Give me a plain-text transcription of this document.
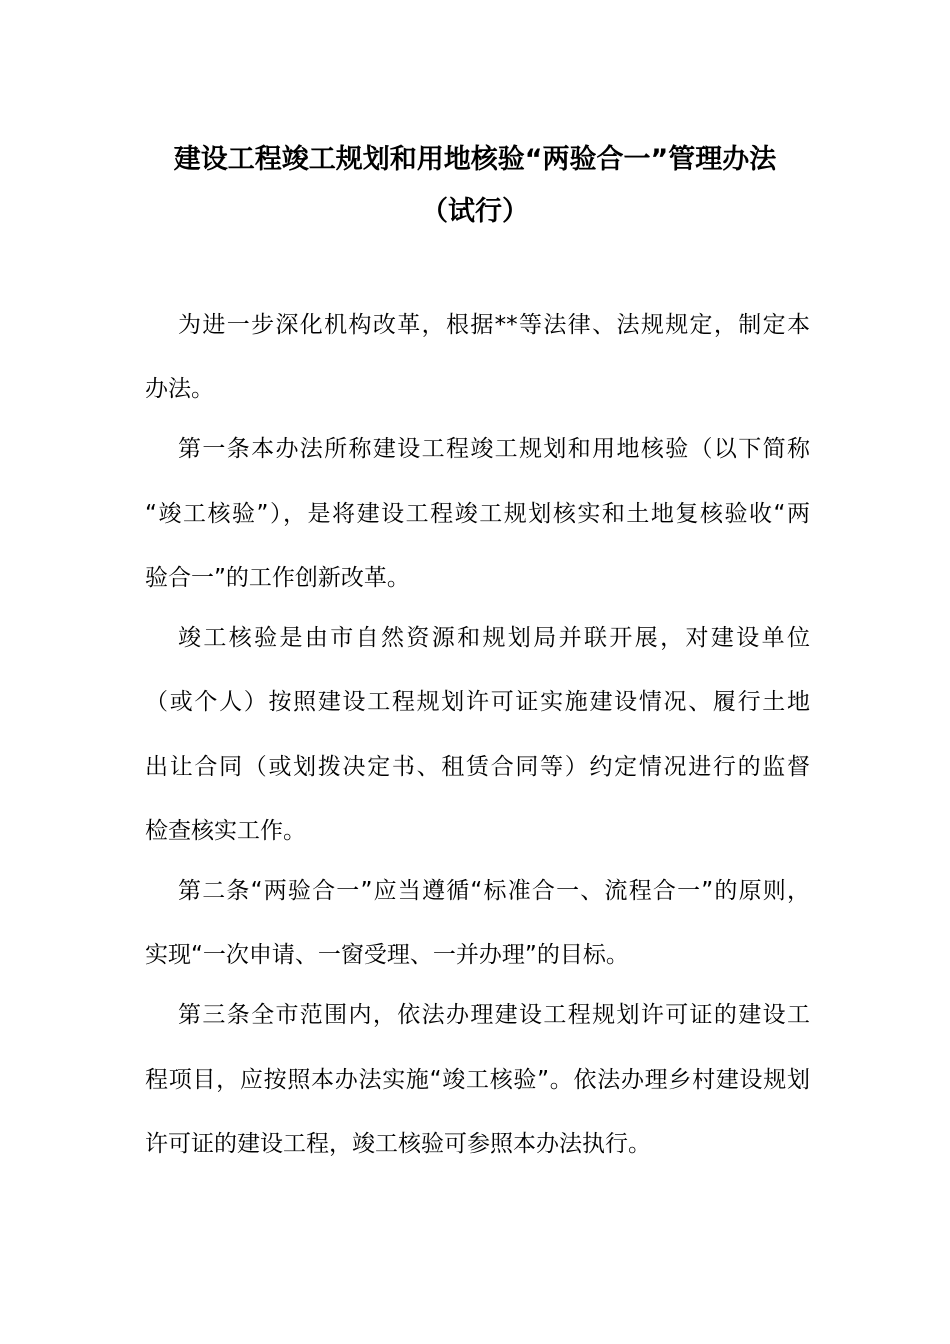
建设工程竣工规划和用地核验“两验合一”管理办法
（试行）
为进一步深化机构改革，根据**等法律、法规规定，制定本
办法。
第一条本办法所称建设工程竣工规划和用地核验（以下简称
“竣工核验”），是将建设工程竣工规划核实和土地复核验收“两
验合一”的工作创新改革。
竣工核验是由市自然资源和规划局并联开展，对建设单位
（或个人）按照建设工程规划许可证实施建设情况、履行土地
出让合同（或划拨决定书、租赁合同等）约定情况进行的监督
检查核实工作。
第二条“两验合一”应当遵循“标准合一、流程合一”的原则，
实现“一次申请、一窗受理、一并办理”的目标。
第三条全市范围内，依法办理建设工程规划许可证的建设工
程项目，应按照本办法实施“竣工核验”。依法办理乡村建设规划
许可证的建设工程，竣工核验可参照本办法执行。
